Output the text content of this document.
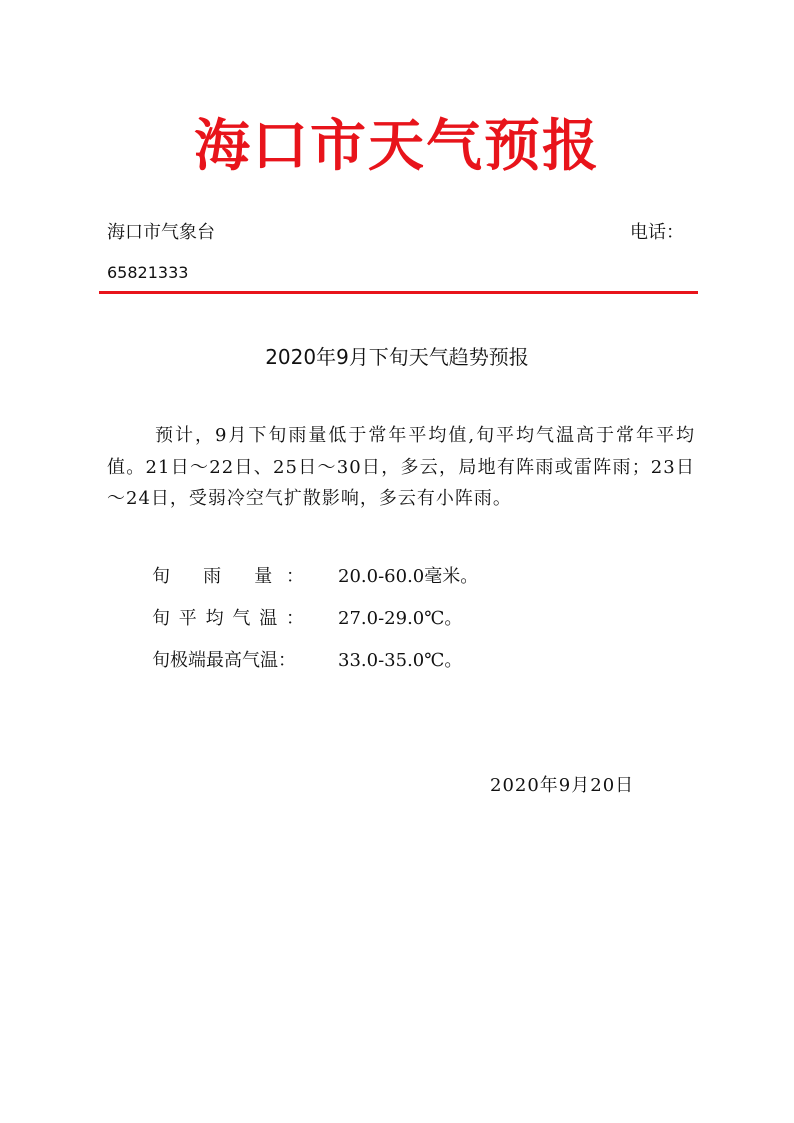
海口市天气预报
海口市气象台	电话：
65821333
2020年9月下旬天气趋势预报

预计，9月下旬雨量低于常年平均值,旬平均气温高于常年平均值。21日～22日、25日～30日，多云，局地有阵雨或雷阵雨；23日～24日，受弱冷空气扩散影响，多云有小阵雨。

旬 雨 量： 20.0-60.0毫米。
旬平均气温： 27.0-29.0℃。
旬极端最高气温： 33.0-35.0℃。
2020年9月20日
